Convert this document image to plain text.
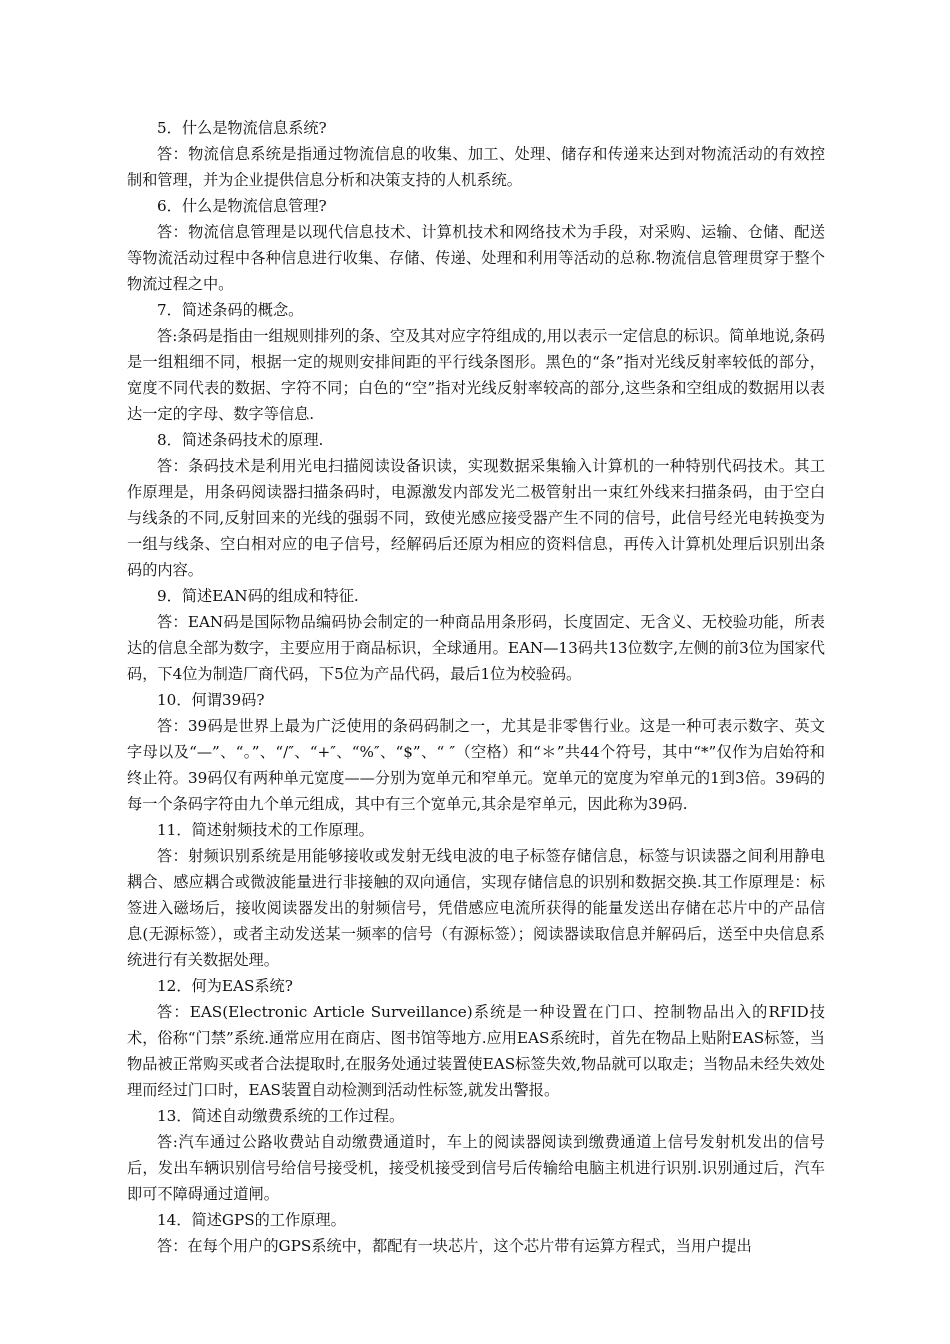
5．什么是物流信息系统?

答：物流信息系统是指通过物流信息的收集、加工、处理、储存和传递来达到对物流活动的有效控制和管理，并为企业提供信息分析和决策支持的人机系统。

6．什么是物流信息管理?

答：物流信息管理是以现代信息技术、计算机技术和网络技术为手段，对采购、运输、仓储、配送等物流活动过程中各种信息进行收集、存储、传递、处理和利用等活动的总称.物流信息管理贯穿于整个物流过程之中。

7．简述条码的概念。

答:条码是指由一组规则排列的条、空及其对应字符组成的,用以表示一定信息的标识。简单地说,条码是一组粗细不同，根据一定的规则安排间距的平行线条图形。黑色的“条”指对光线反射率较低的部分，宽度不同代表的数据、字符不同；白色的“空”指对光线反射率较高的部分,这些条和空组成的数据用以表达一定的字母、数字等信息.

8．简述条码技术的原理.

答：条码技术是利用光电扫描阅读设备识读，实现数据采集输入计算机的一种特别代码技术。其工作原理是，用条码阅读器扫描条码时，电源激发内部发光二极管射出一束红外线来扫描条码，由于空白与线条的不同,反射回来的光线的强弱不同，致使光感应接受器产生不同的信号，此信号经光电转换变为一组与线条、空白相对应的电子信号，经解码后还原为相应的资料信息，再传入计算机处理后识别出条码的内容。

9．简述EAN码的组成和特征.

答：EAN码是国际物品编码协会制定的一种商品用条形码，长度固定、无含义、无校验功能，所表达的信息全部为数字，主要应用于商品标识，全球通用。EAN—13码共13位数字,左侧的前3位为国家代码，下4位为制造厂商代码，下5位为产品代码，最后1位为校验码。

10．何谓39码?

答：39码是世界上最为广泛使用的条码码制之一，尤其是非零售行业。这是一种可表示数字、英文字母以及“—”、“。”、“/″、“+″、“%″、“$”、“ ″（空格）和“＊”共44个符号，其中“*”仅作为启始符和终止符。39码仅有两种单元宽度——分别为宽单元和窄单元。宽单元的宽度为窄单元的1到3倍。39码的每一个条码字符由九个单元组成，其中有三个宽单元,其余是窄单元，因此称为39码.

11．简述射频技术的工作原理。

答：射频识别系统是用能够接收或发射无线电波的电子标签存储信息，标签与识读器之间利用静电耦合、感应耦合或微波能量进行非接触的双向通信，实现存储信息的识别和数据交换.其工作原理是：标签进入磁场后，接收阅读器发出的射频信号，凭借感应电流所获得的能量发送出存储在芯片中的产品信息(无源标签），或者主动发送某一频率的信号（有源标签）；阅读器读取信息并解码后，送至中央信息系统进行有关数据处理。

12．何为EAS系统?

答：EAS(Electronic Article Surveillance)系统是一种设置在门口、控制物品出入的RFID技术，俗称“门禁”系统.通常应用在商店、图书馆等地方.应用EAS系统时，首先在物品上贴附EAS标签，当物品被正常购买或者合法提取时,在服务处通过装置使EAS标签失效,物品就可以取走；当物品未经失效处理而经过门口时，EAS装置自动检测到活动性标签,就发出警报。

13．简述自动缴费系统的工作过程。

答:汽车通过公路收费站自动缴费通道时，车上的阅读器阅读到缴费通道上信号发射机发出的信号后，发出车辆识别信号给信号接受机，接受机接受到信号后传输给电脑主机进行识别.识别通过后，汽车即可不障碍通过道闸。

14．简述GPS的工作原理。

答：在每个用户的GPS系统中，都配有一块芯片，这个芯片带有运算方程式，当用户提出
